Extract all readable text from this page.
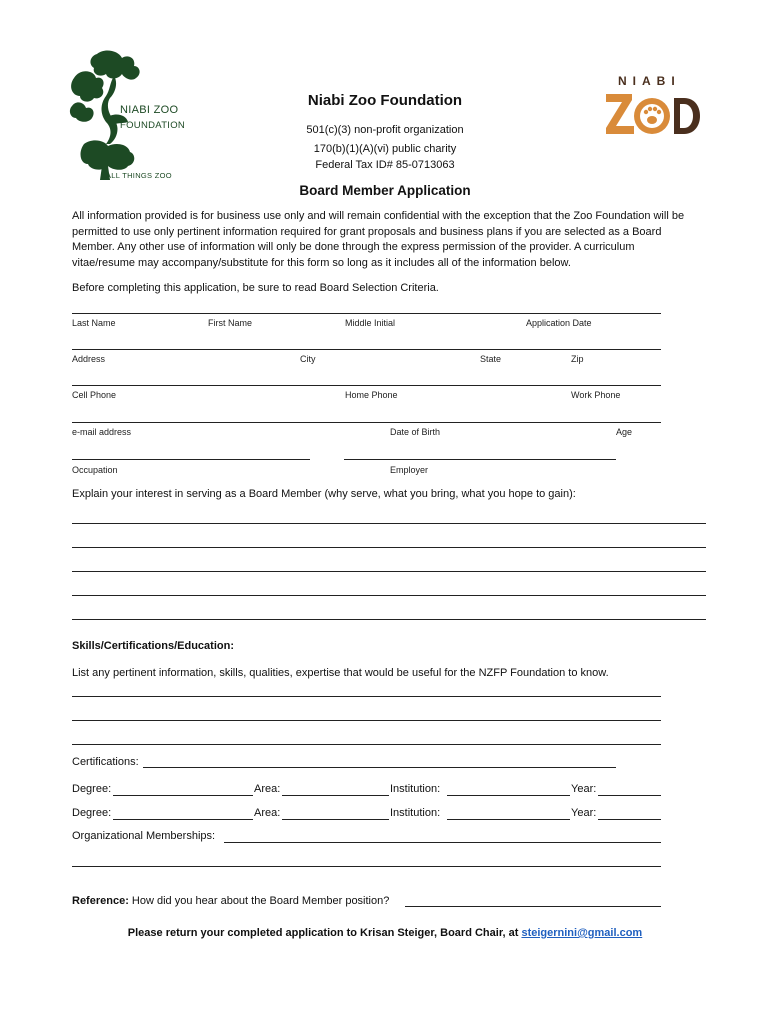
NIABI ZOO
FOUNDATION
ALL THINGS ZOO
NIABI
Niabi Zoo Foundation
501(c)(3) non-profit organization
170(b)(1)(A)(vi) public charity
Federal Tax ID# 85-0713063
Board Member Application
All information provided is for business use only and will remain confidential with the exception that the Zoo Foundation will be permitted to use only pertinent information required for grant proposals and business plans if you are selected as a Board Member. Any other use of information will only be done through the express permission of the provider. A curriculum vitae/resume may accompany/substitute for this form so long as it includes all of the information below.
Before completing this application, be sure to read Board Selection Criteria.
Last Name	First Name	Middle Initial	Application Date
Address	City	State	Zip
Cell Phone	Home Phone	Work Phone
e-mail address	Date of Birth	Age
Occupation	Employer
Explain your interest in serving as a Board Member (why serve, what you bring, what you hope to gain):
Skills/Certifications/Education:
List any pertinent information, skills, qualities, expertise that would be useful for the NZFP Foundation to know.
Certifications:
Degree:	Area:	Institution:	Year:
Degree:	Area:	Institution:	Year:
Organizational Memberships:
Reference: How did you hear about the Board Member position?
Please return your completed application to Krisan Steiger, Board Chair, at steigernini@gmail.com
